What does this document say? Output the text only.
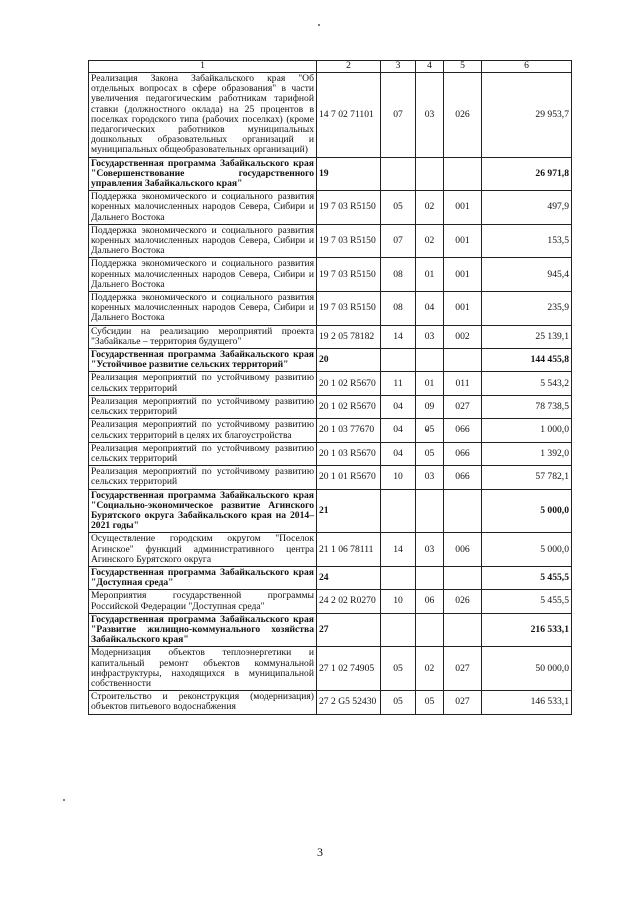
1	2	3	4	5	6
Реализация Закона Забайкальского края "Об отдельных вопросах в сфере образования" в части увеличения педагогическим работникам тарифной ставки (должностного оклада) на 25 процентов в поселках городского типа (рабочих поселках) (кроме педагогических работников муниципальных дошкольных образовательных организаций и муниципальных общеобразовательных организаций)	14 7 02 71101	07	03	026	29 953,7
Государственная программа Забайкальского края "Совершенствование государственного управления Забайкальского края"	19				26 971,8
Поддержка экономического и социального развития коренных малочисленных народов Севера, Сибири и Дальнего Востока	19 7 03 R5150	05	02	001	497,9
Поддержка экономического и социального развития коренных малочисленных народов Севера, Сибири и Дальнего Востока	19 7 03 R5150	07	02	001	153,5
Поддержка экономического и социального развития коренных малочисленных народов Севера, Сибири и Дальнего Востока	19 7 03 R5150	08	01	001	945,4
Поддержка экономического и социального развития коренных малочисленных народов Севера, Сибири и Дальнего Востока	19 7 03 R5150	08	04	001	235,9
Субсидии на реализацию мероприятий проекта "Забайкалье – территория будущего"	19 2 05 78182	14	03	002	25 139,1
Государственная программа Забайкальского края "Устойчивое развитие сельских территорий"	20				144 455,8
Реализация мероприятий по устойчивому развитию сельских территорий	20 1 02 R5670	11	01	011	5 543,2
Реализация мероприятий по устойчивому развитию сельских территорий	20 1 02 R5670	04	09	027	78 738,5
Реализация мероприятий по устойчивому развитию сельских территорий в целях их благоустройства	20 1 03 77670	04	05	066	1 000,0
Реализация мероприятий по устойчивому развитию сельских территорий	20 1 03 R5670	04	05	066	1 392,0
Реализация мероприятий по устойчивому развитию сельских территорий	20 1 01 R5670	10	03	066	57 782,1
Государственная программа Забайкальского края "Социально-экономическое развитие Агинского Бурятского округа Забайкальского края на 2014–2021 годы"	21				5 000,0
Осуществление городским округом "Поселок Агинское" функций административного центра Агинского Бурятского округа	21 1 06 78111	14	03	006	5 000,0
Государственная программа Забайкальского края "Доступная среда"	24				5 455,5
Мероприятия государственной программы Российской Федерации "Доступная среда"	24 2 02 R0270	10	06	026	5 455,5
Государственная программа Забайкальского края "Развитие жилищно-коммунального хозяйства Забайкальского края"	27				216 533,1
Модернизация объектов теплоэнергетики и капитальный ремонт объектов коммунальной инфраструктуры, находящихся в муниципальной собственности	27 1 02 74905	05	02	027	50 000,0
Строительство и реконструкция (модернизация) объектов питьевого водоснабжения	27 2 G5 52430	05	05	027	146 533,1
3
